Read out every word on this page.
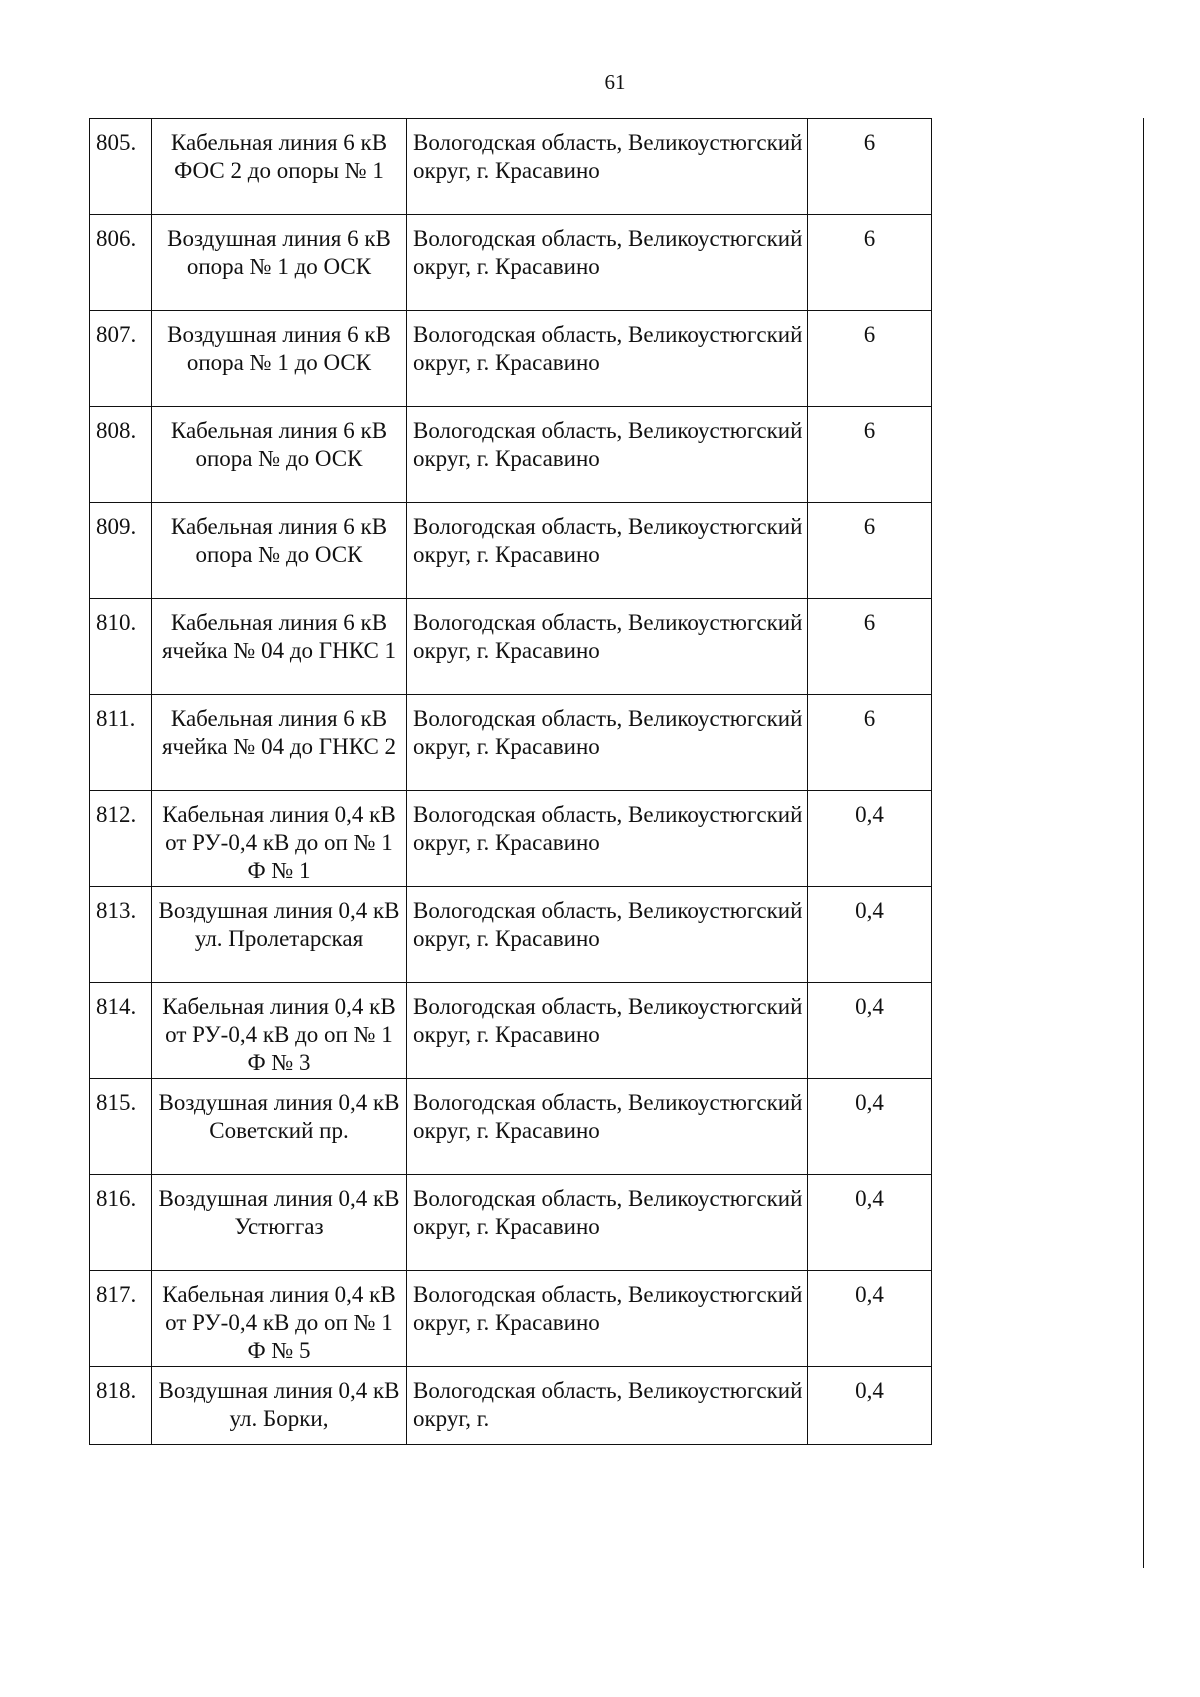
61
805.	Кабельная линия 6 кВ ФОС 2 до опоры № 1	Вологодская область, Великоустюгский округ, г. Красавино	6
806.	Воздушная линия 6 кВ опора № 1 до ОСК	Вологодская область, Великоустюгский округ, г. Красавино	6
807.	Воздушная линия 6 кВ опора № 1 до ОСК	Вологодская область, Великоустюгский округ, г. Красавино	6
808.	Кабельная линия 6 кВ опора № до ОСК	Вологодская область, Великоустюгский округ, г. Красавино	6
809.	Кабельная линия 6 кВ опора № до ОСК	Вологодская область, Великоустюгский округ, г. Красавино	6
810.	Кабельная линия 6 кВ ячейка № 04 до ГНКС 1	Вологодская область, Великоустюгский округ, г. Красавино	6
811.	Кабельная линия 6 кВ ячейка № 04 до ГНКС 2	Вологодская область, Великоустюгский округ, г. Красавино	6
812.	Кабельная линия 0,4 кВ от РУ-0,4 кВ до оп № 1 Ф № 1	Вологодская область, Великоустюгский округ, г. Красавино	0,4
813.	Воздушная линия 0,4 кВ ул. Пролетарская	Вологодская область, Великоустюгский округ, г. Красавино	0,4
814.	Кабельная линия 0,4 кВ от РУ-0,4 кВ до оп № 1 Ф № 3	Вологодская область, Великоустюгский округ, г. Красавино	0,4
815.	Воздушная линия 0,4 кВ Советский пр.	Вологодская область, Великоустюгский округ, г. Красавино	0,4
816.	Воздушная линия 0,4 кВ Устюггаз	Вологодская область, Великоустюгский округ, г. Красавино	0,4
817.	Кабельная линия 0,4 кВ от РУ-0,4 кВ до оп № 1 Ф № 5	Вологодская область, Великоустюгский округ, г. Красавино	0,4
818.	Воздушная линия 0,4 кВ ул. Борки,	Вологодская область, Великоустюгский округ, г.	0,4
